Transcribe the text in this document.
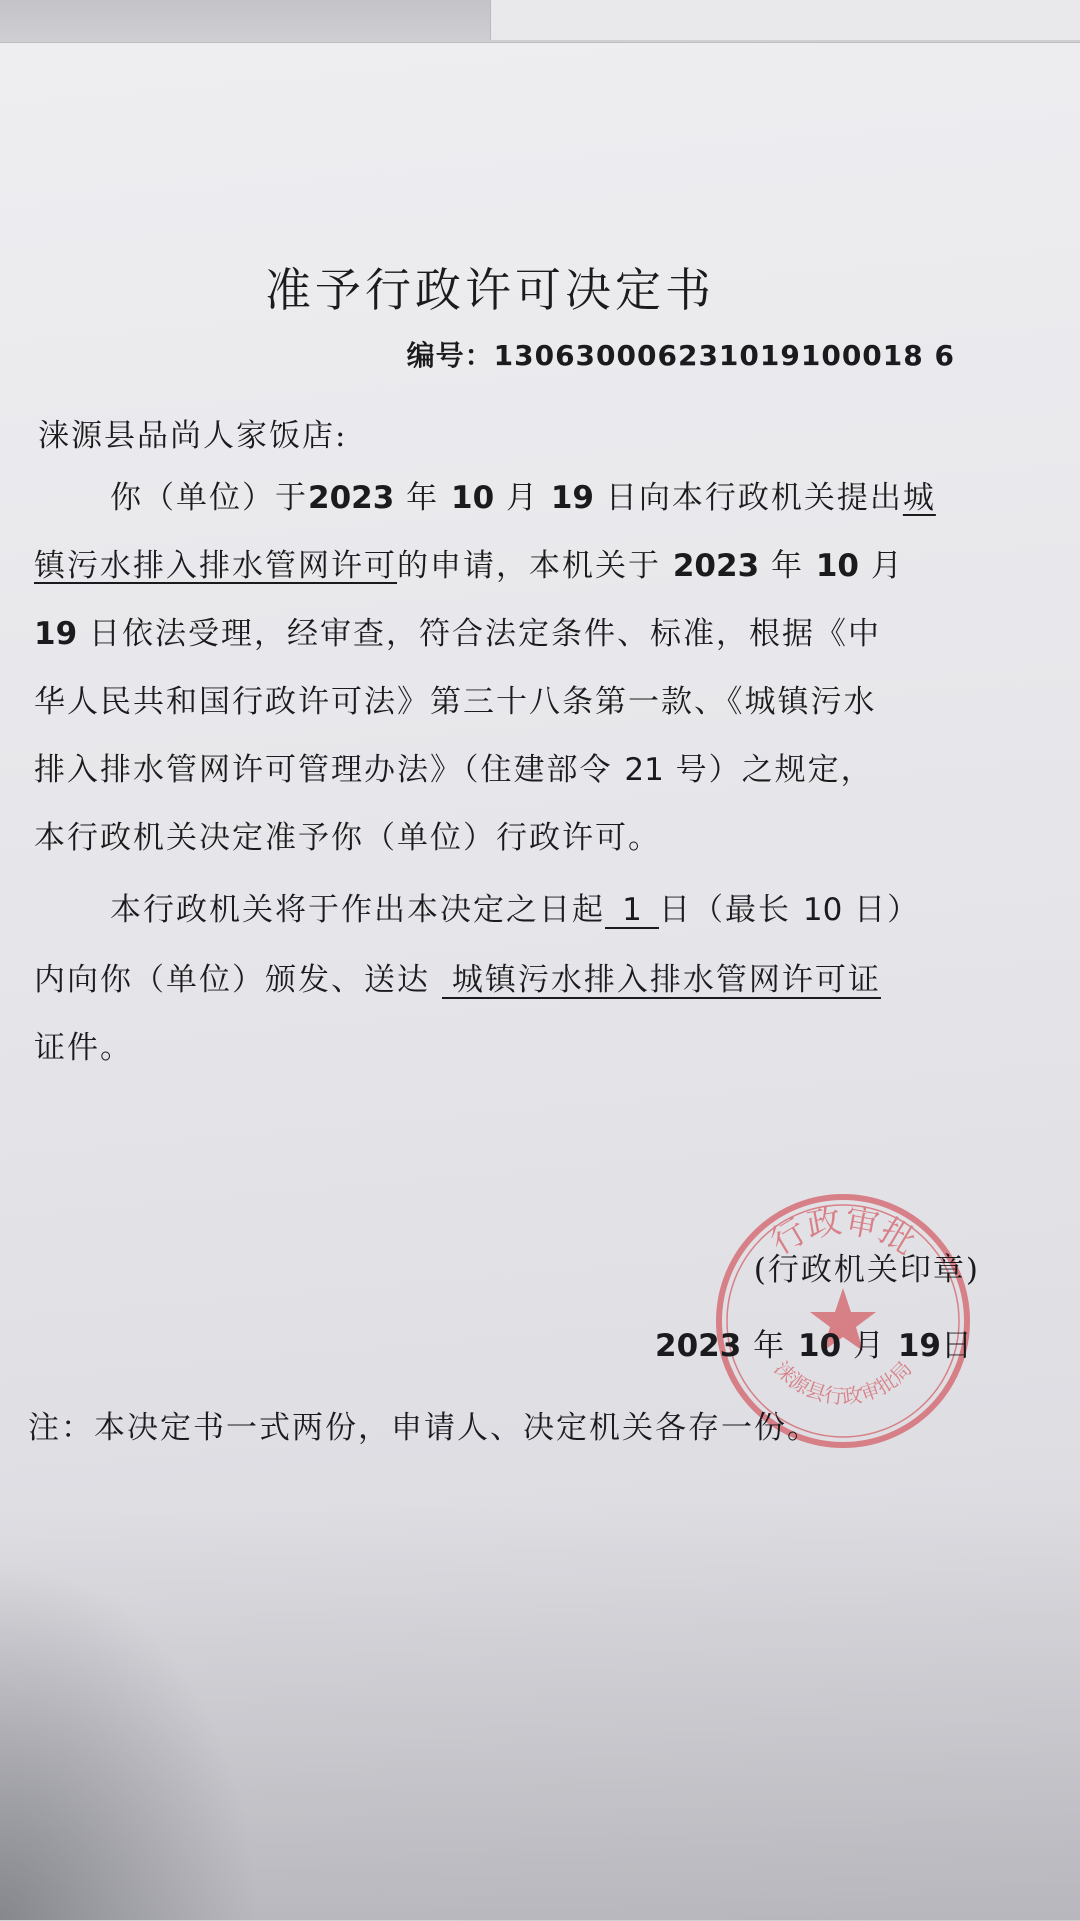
准予行政许可决定书
编号：130630006231019100018 6
涞源县品尚人家饭店:
你（单位）于2023 年 10 月 19 日向本行政机关提出城
镇污水排入排水管网许可的申请，本机关于 2023 年 10 月
19 日依法受理，经审查，符合法定条件、标准，根据《中
华人民共和国行政许可法》第三十八条第一款、《城镇污水
排入排水管网许可管理办法》（住建部令 21 号）之规定，
本行政机关决定准予你（单位）行政许可。
本行政机关将于作出本决定之日起 1 日（最长 10 日）
内向你（单位）颁发、送达 城镇污水排入排水管网许可证
证件。
行政审批
涞源县行政审批局
(行政机关印章)
2023 年 10 月 19日
注：本决定书一式两份，申请人、决定机关各存一份。
